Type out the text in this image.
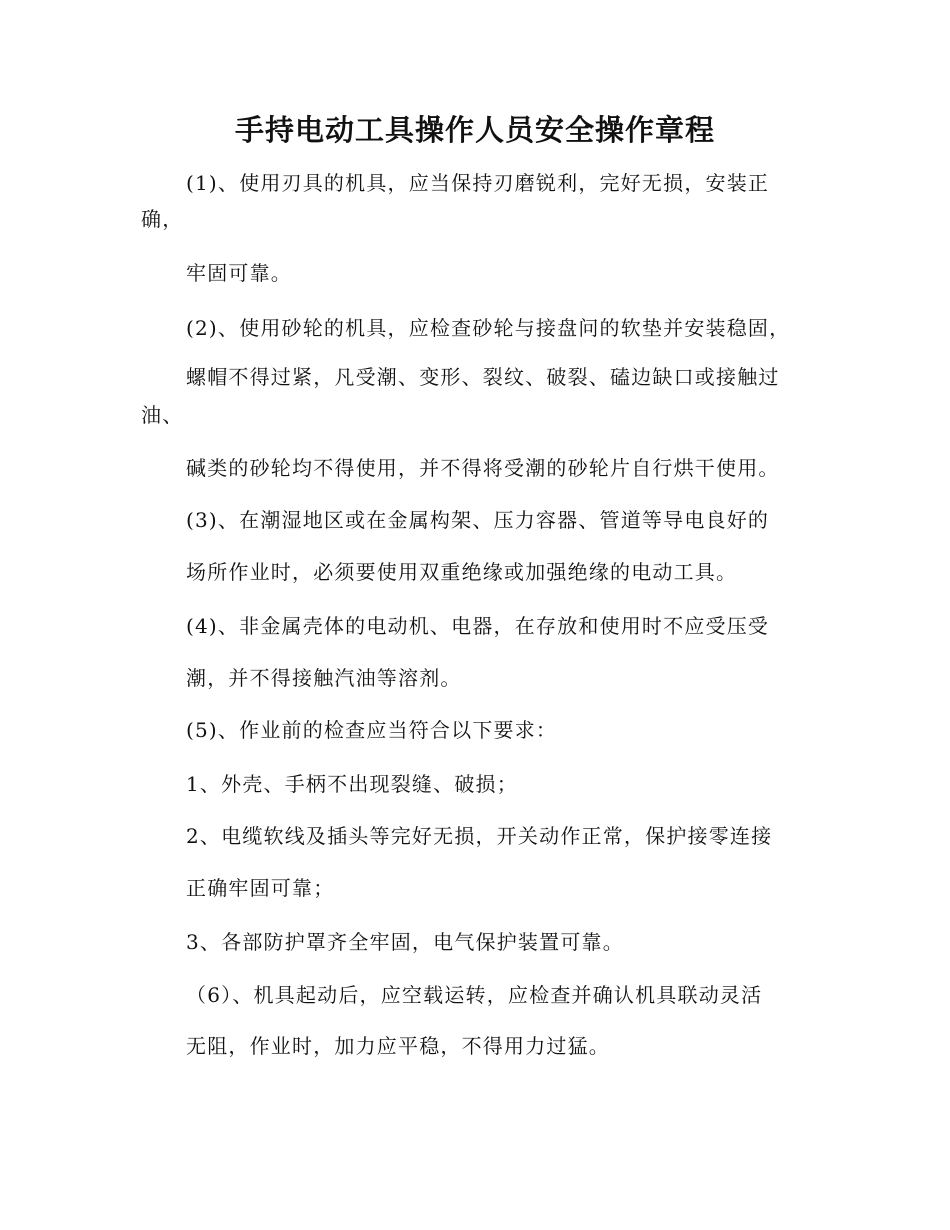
手持电动工具操作人员安全操作章程

(1)、使用刃具的机具，应当保持刃磨锐利，完好无损，安装正

确，

牢固可靠。

(2)、使用砂轮的机具，应检查砂轮与接盘问的软垫并安装稳固，

螺帽不得过紧，凡受潮、变形、裂纹、破裂、磕边缺口或接触过

油、

碱类的砂轮均不得使用，并不得将受潮的砂轮片自行烘干使用。

(3)、在潮湿地区或在金属构架、压力容器、管道等导电良好的

场所作业时，必须要使用双重绝缘或加强绝缘的电动工具。

(4)、非金属壳体的电动机、电器，在存放和使用时不应受压受

潮，并不得接触汽油等溶剂。

(5)、作业前的检查应当符合以下要求：

1、外壳、手柄不出现裂缝、破损；

2、电缆软线及插头等完好无损，开关动作正常，保护接零连接

正确牢固可靠；

3、各部防护罩齐全牢固，电气保护装置可靠。

（6）、机具起动后，应空载运转，应检查并确认机具联动灵活

无阻，作业时，加力应平稳，不得用力过猛。
